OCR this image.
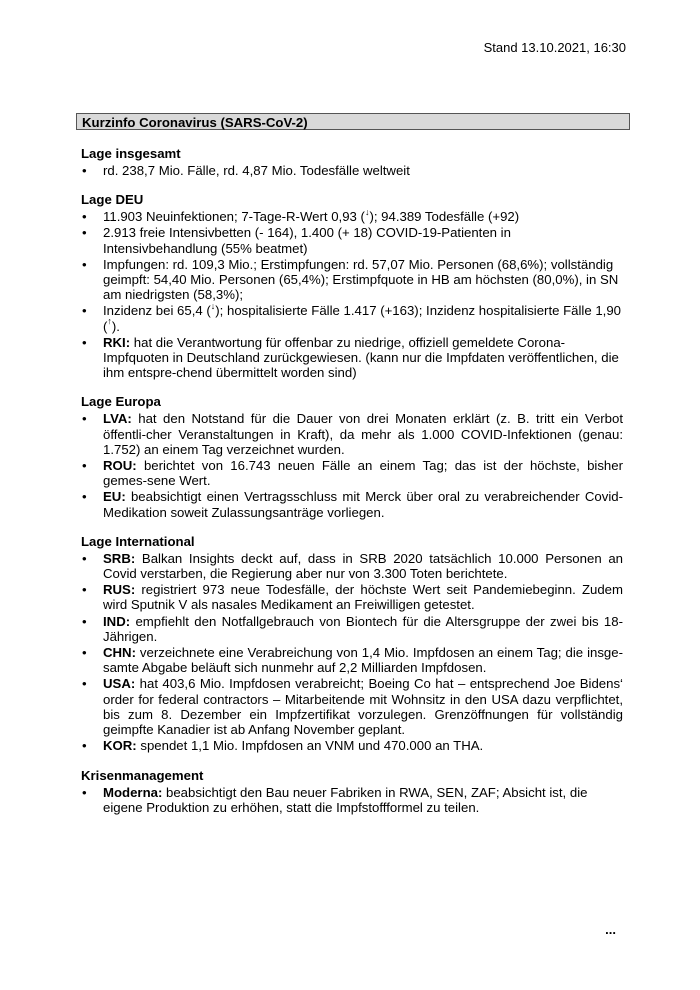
Stand 13.10.2021, 16:30
Kurzinfo Coronavirus (SARS-CoV-2)
Lage insgesamt
• rd. 238,7 Mio. Fälle, rd. 4,87 Mio. Todesfälle weltweit
Lage DEU
• 11.903 Neuinfektionen; 7-Tage-R-Wert 0,93 (↓); 94.389 Todesfälle (+92)
• 2.913 freie Intensivbetten (- 164), 1.400 (+ 18) COVID-19-Patienten in Intensivbehandlung (55% beatmet)
• Impfungen: rd. 109,3 Mio.; Erstimpfungen: rd. 57,07 Mio. Personen (68,6%); vollständig geimpft: 54,40 Mio. Personen (65,4%); Erstimpfquote in HB am höchsten (80,0%), in SN am niedrigsten (58,3%);
• Inzidenz bei 65,4 (↓); hospitalisierte Fälle 1.417 (+163); Inzidenz hospitalisierte Fälle 1,90 (↑).
• RKI: hat die Verantwortung für offenbar zu niedrige, offiziell gemeldete Corona-Impfquoten in Deutschland zurückgewiesen. (kann nur die Impfdaten veröffentlichen, die ihm entspre-chend übermittelt worden sind)
Lage Europa
• LVA: hat den Notstand für die Dauer von drei Monaten erklärt (z. B. tritt ein Verbot öffentli-cher Veranstaltungen in Kraft), da mehr als 1.000 COVID-Infektionen (genau: 1.752) an einem Tag verzeichnet wurden.
• ROU: berichtet von 16.743 neuen Fälle an einem Tag; das ist der höchste, bisher gemes-sene Wert.
• EU: beabsichtigt einen Vertragsschluss mit Merck über oral zu verabreichender Covid-Medikation soweit Zulassungsanträge vorliegen.
Lage International
• SRB: Balkan Insights deckt auf, dass in SRB 2020 tatsächlich 10.000 Personen an Covid verstarben, die Regierung aber nur von 3.300 Toten berichtete.
• RUS: registriert 973 neue Todesfälle, der höchste Wert seit Pandemiebeginn. Zudem wird Sputnik V als nasales Medikament an Freiwilligen getestet.
• IND: empfiehlt den Notfallgebrauch von Biontech für die Altersgruppe der zwei bis 18-Jährigen.
• CHN: verzeichnete eine Verabreichung von 1,4 Mio. Impfdosen an einem Tag; die insge-samte Abgabe beläuft sich nunmehr auf 2,2 Milliarden Impfdosen.
• USA: hat 403,6 Mio. Impfdosen verabreicht; Boeing Co hat – entsprechend Joe Bidens‘ order for federal contractors – Mitarbeitende mit Wohnsitz in den USA dazu verpflichtet, bis zum 8. Dezember ein Impfzertifikat vorzulegen. Grenzöffnungen für vollständig geimpfte Kanadier ist ab Anfang November geplant.
• KOR: spendet 1,1 Mio. Impfdosen an VNM und 470.000 an THA.
Krisenmanagement
• Moderna: beabsichtigt den Bau neuer Fabriken in RWA, SEN, ZAF; Absicht ist, die eigene Produktion zu erhöhen, statt die Impfstoffformel zu teilen.
...
